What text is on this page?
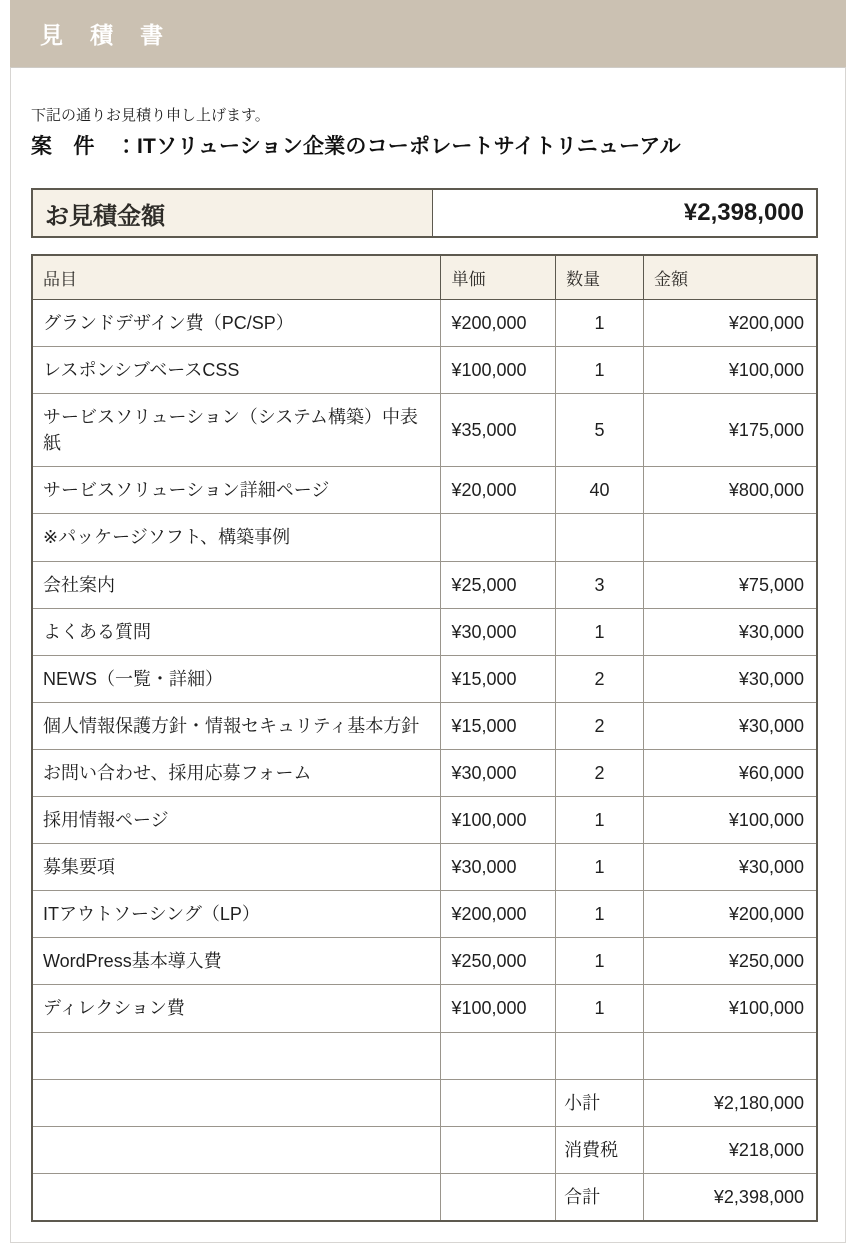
見 積 書

下記の通りお見積り申し上げます。

案　件　：ITソリューション企業のコーポレートサイトリニューアル

お見積金額	¥2,398,000
品目	単価	数量	金額
グランドデザイン費（PC/SP）	¥200,000	1	¥200,000
レスポンシブベースCSS	¥100,000	1	¥100,000
サービスソリューション（システム構築）中表紙	¥35,000	5	¥175,000
サービスソリューション詳細ページ	¥20,000	40	¥800,000
※パッケージソフト、構築事例			
会社案内	¥25,000	3	¥75,000
よくある質問	¥30,000	1	¥30,000
NEWS（一覧・詳細）	¥15,000	2	¥30,000
個人情報保護方針・情報セキュリティ基本方針	¥15,000	2	¥30,000
お問い合わせ、採用応募フォーム	¥30,000	2	¥60,000
採用情報ページ	¥100,000	1	¥100,000
募集要項	¥30,000	1	¥30,000
ITアウトソーシング（LP）	¥200,000	1	¥200,000
WordPress基本導入費	¥250,000	1	¥250,000
ディレクション費	¥100,000	1	¥100,000

		小計	¥2,180,000
		消費税	¥218,000
		合計	¥2,398,000
